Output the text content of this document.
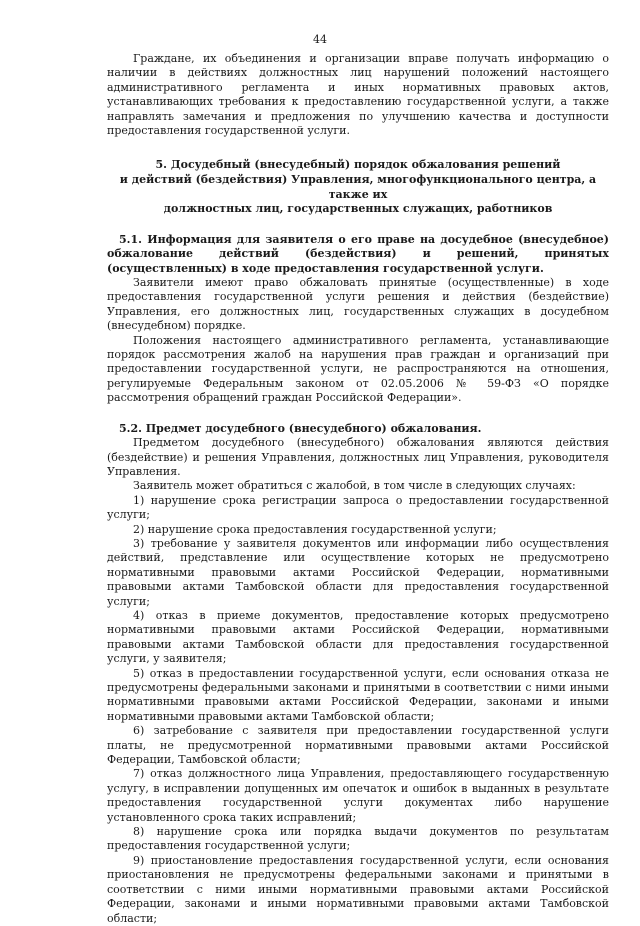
44

Граждане, их объединения и организации вправе получать информацию о наличии в действиях должностных лиц нарушений положений настоящего административного регламента и иных нормативных правовых актов, устанавливающих требования к предоставлению государственной услуги, а также направлять замечания и предложения по улучшению качества и доступности предоставления государственной услуги.

5. Досудебный (внесудебный) порядок обжалования решений
и действий (бездействия) Управления, многофункционального центра, а также их
должностных лиц, государственных служащих, работников

5.1. Информация для заявителя о его праве на досудебное (внесудебное) обжалование действий (бездействия) и решений, принятых (осуществленных) в ходе предоставления государственной услуги.

Заявители имеют право обжаловать принятые (осуществленные) в ходе предоставления государственной услуги решения и действия (бездействие) Управления, его должностных лиц, государственных служащих в досудебном (внесудебном) порядке.

Положения настоящего административного регламента, устанавливающие порядок рассмотрения жалоб на нарушения прав граждан и организаций при предоставлении государственной услуги, не распространяются на отношения, регулируемые Федеральным законом от 02.05.2006 № 59-ФЗ «О порядке рассмотрения обращений граждан Российской Федерации».

5.2. Предмет досудебного (внесудебного) обжалования.

Предметом досудебного (внесудебного) обжалования являются действия (бездействие) и решения Управления, должностных лиц Управления, руководителя Управления.

Заявитель может обратиться с жалобой, в том числе в следующих случаях:

1) нарушение срока регистрации запроса о предоставлении государственной услуги;

2) нарушение срока предоставления государственной услуги;

3) требование у заявителя документов или информации либо осуществления действий, представление или осуществление которых не предусмотрено нормативными правовыми актами Российской Федерации, нормативными правовыми актами Тамбовской области для предоставления государственной услуги;

4) отказ в приеме документов, предоставление которых предусмотрено нормативными правовыми актами Российской Федерации, нормативными правовыми актами Тамбовской области для предоставления государственной услуги, у заявителя;

5) отказ в предоставлении государственной услуги, если основания отказа не предусмотрены федеральными законами и принятыми в соответствии с ними иными нормативными правовыми актами Российской Федерации, законами и иными нормативными правовыми актами Тамбовской области;

6) затребование с заявителя при предоставлении государственной услуги платы, не предусмотренной нормативными правовыми актами Российской Федерации, Тамбовской области;

7) отказ должностного лица Управления, предоставляющего государственную услугу, в исправлении допущенных им опечаток и ошибок в выданных в результате предоставления государственной услуги документах либо нарушение установленного срока таких исправлений;

8) нарушение срока или порядка выдачи документов по результатам предоставления государственной услуги;

9) приостановление предоставления государственной услуги, если основания приостановления не предусмотрены федеральными законами и принятыми в соответствии с ними иными нормативными правовыми актами Российской Федерации, законами и иными нормативными правовыми актами Тамбовской области;
